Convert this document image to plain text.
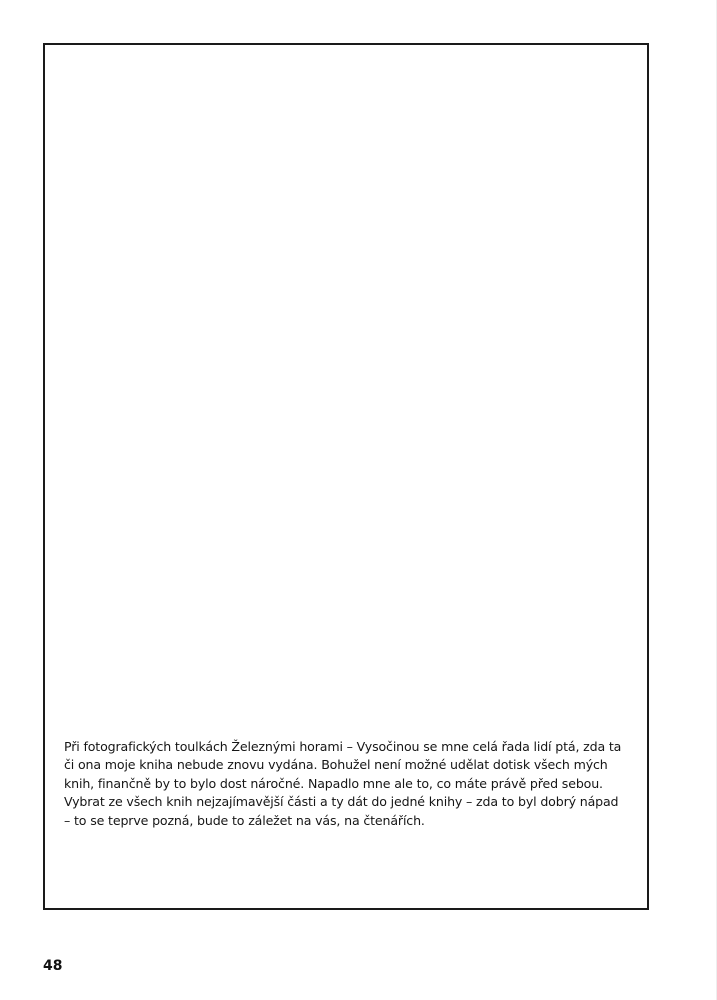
Při fotografických toulkách Železnými horami – Vysočinou se mne celá řada lidí ptá, zda ta
či ona moje kniha nebude znovu vydána. Bohužel není možné udělat dotisk všech mých
knih, finančně by to bylo dost náročné. Napadlo mne ale to, co máte právě před sebou.
Vybrat ze všech knih nejzajímavější části a ty dát do jedné knihy – zda to byl dobrý nápad
– to se teprve pozná, bude to záležet na vás, na čtenářích.

48
